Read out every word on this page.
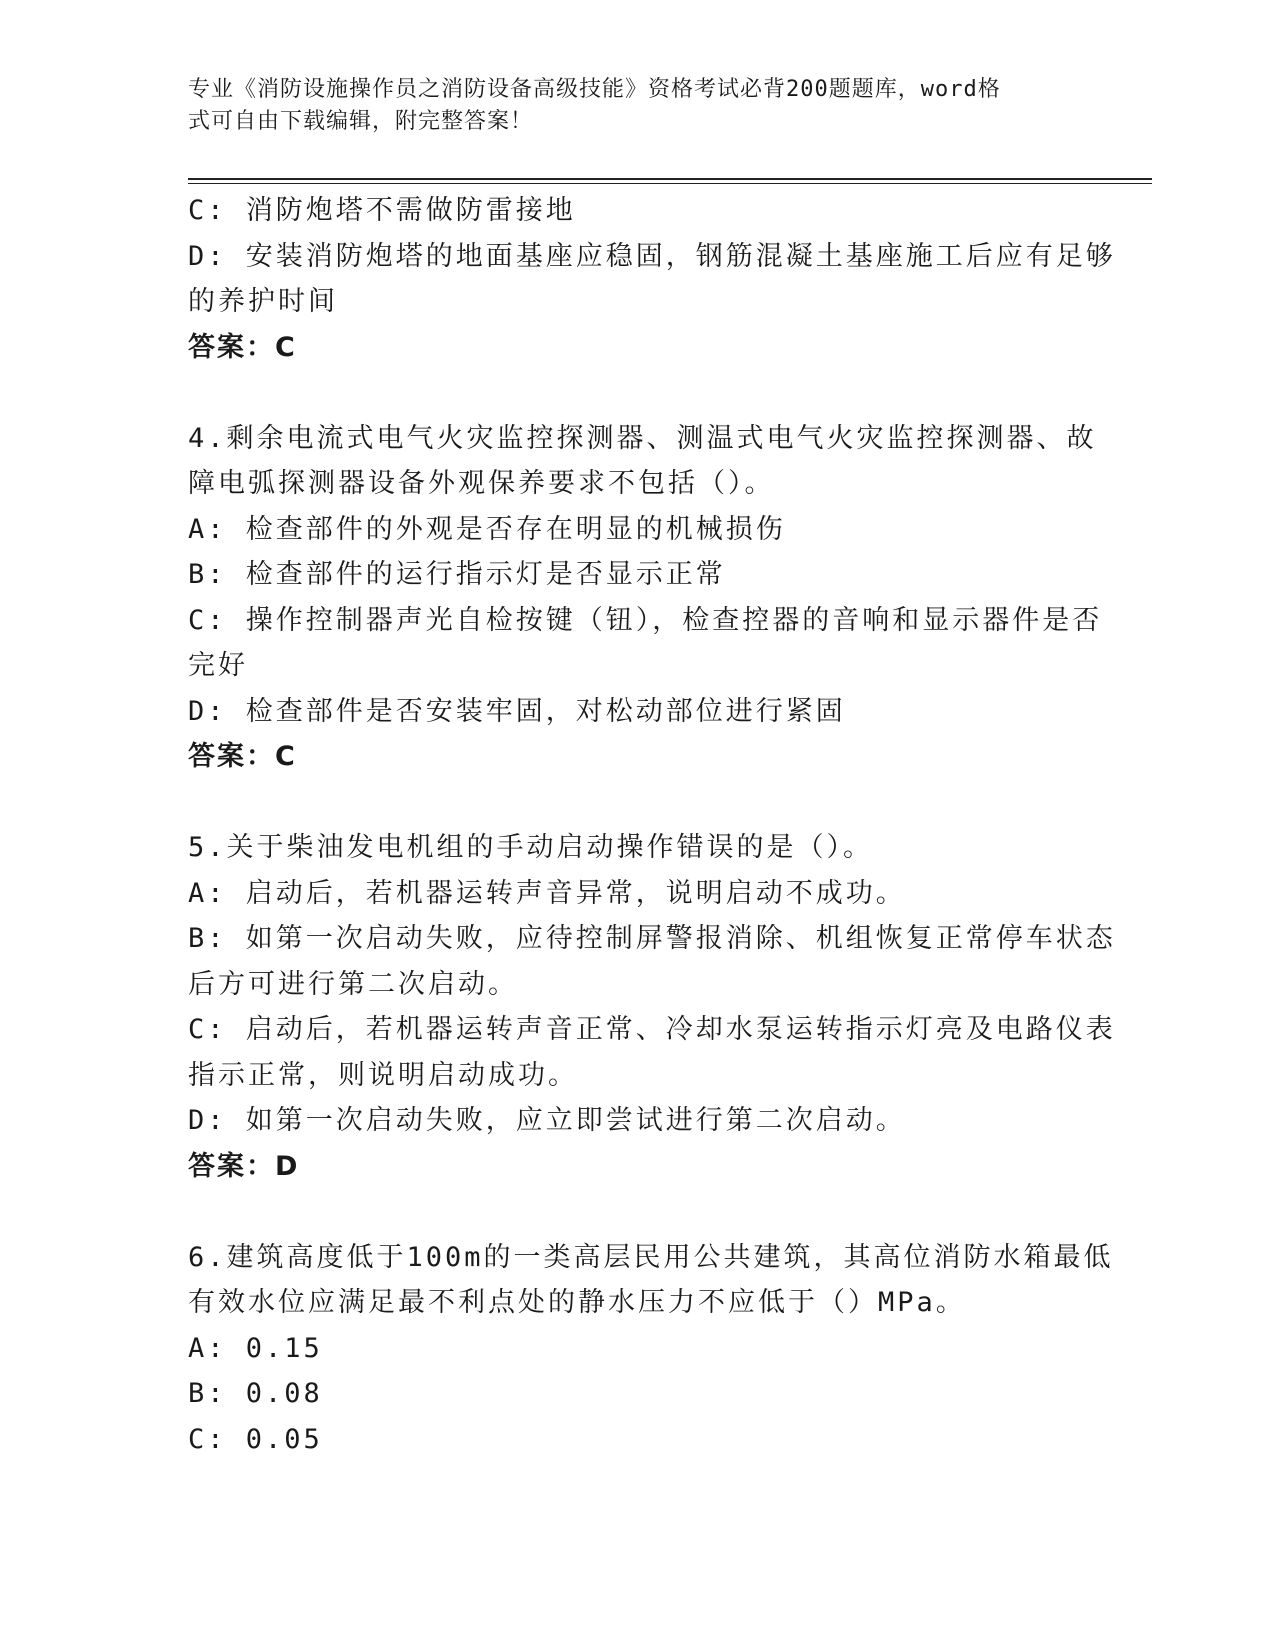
专业《消防设施操作员之消防设备高级技能》资格考试必背200题题库，word格
式可自由下载编辑，附完整答案！
C: 消防炮塔不需做防雷接地
D: 安装消防炮塔的地面基座应稳固，钢筋混凝土基座施工后应有足够
的养护时间
答案：C
4.剩余电流式电气火灾监控探测器、测温式电气火灾监控探测器、故
障电弧探测器设备外观保养要求不包括（）。
A: 检查部件的外观是否存在明显的机械损伤
B: 检查部件的运行指示灯是否显示正常
C: 操作控制器声光自检按键（钮），检查控器的音响和显示器件是否
完好
D: 检查部件是否安装牢固，对松动部位进行紧固
答案：C
5.关于柴油发电机组的手动启动操作错误的是（）。
A: 启动后，若机器运转声音异常，说明启动不成功。
B: 如第一次启动失败，应待控制屏警报消除、机组恢复正常停车状态
后方可进行第二次启动。
C: 启动后，若机器运转声音正常、冷却水泵运转指示灯亮及电路仪表
指示正常，则说明启动成功。
D: 如第一次启动失败，应立即尝试进行第二次启动。
答案：D
6.建筑高度低于100m的一类高层民用公共建筑，其高位消防水箱最低
有效水位应满足最不利点处的静水压力不应低于（）MPa。
A: 0.15
B: 0.08
C: 0.05
